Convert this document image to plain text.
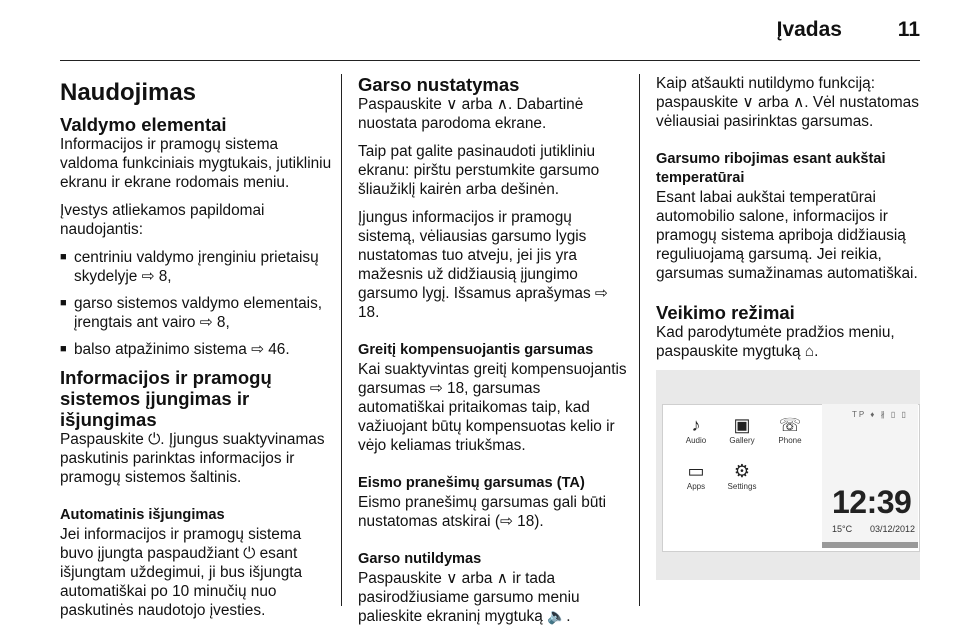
Įvadas	11
Naudojimas
Valdymo elementai

Informacijos ir pramogų sistema valdoma funkciniais mygtukais, jutikliniu ekranu ir ekrane rodomais meniu.

Įvestys atliekamos papildomai naudojantis:

■ centriniu valdymo įrenginiu prietaisų skydelyje ⇨ 8,
■ garso sistemos valdymo elementais, įrengtais ant vairo ⇨ 8,
■ balso atpažinimo sistema ⇨ 46.
Informacijos ir pramogų sistemos įjungimas ir išjungimas

Paspauskite ⏻. Įjungus suaktyvinamas paskutinis parinktas informacijos ir pramogų sistemos šaltinis.

Automatinis išjungimas

Jei informacijos ir pramogų sistema buvo įjungta paspaudžiant ⏻ esant išjungtam uždegimui, ji bus išjungta automatiškai po 10 minučių nuo paskutinės naudotojo įvesties.

Garso nustatymas

Paspauskite ∨ arba ∧. Dabartinė nuostata parodoma ekrane.

Taip pat galite pasinaudoti jutikliniu ekranu: pirštu perstumkite garsumo šliaužiklį kairėn arba dešinėn.

Įjungus informacijos ir pramogų sistemą, vėliausias garsumo lygis nustatomas tuo atveju, jei jis yra mažesnis už didžiausią įjungimo garsumo lygį. Išsamus aprašymas ⇨ 18.

Greitį kompensuojantis garsumas

Kai suaktyvintas greitį kompensuojantis garsumas ⇨ 18, garsumas automatiškai pritaikomas taip, kad važiuojant būtų kompensuotas kelio ir vėjo keliamas triukšmas.

Eismo pranešimų garsumas (TA)

Eismo pranešimų garsumas gali būti nustatomas atskirai (⇨ 18).

Garso nutildymas

Paspauskite ∨ arba ∧ ir tada pasirodžiusiame garsumo meniu palieskite ekraninį mygtuką 🔈.

Kaip atšaukti nutildymo funkciją: paspauskite ∨ arba ∧. Vėl nustatomas vėliausiai pasirinktas garsumas.

Garsumo ribojimas esant aukštai temperatūrai

Esant labai aukštai temperatūrai automobilio salone, informacijos ir pramogų sistema apriboja didžiausią reguliuojamą garsumą. Jei reikia, garsumas sumažinamas automatiškai.

Veikimo režimai

Kad parodytumėte pradžios meniu, paspauskite mygtuką ⌂.

TP ♦ ∦ ▯ ▯
♪
Audio
▣
Gallery
☏
Phone
▭
Apps
⚙
Settings 12:39
15°C 03/12/2012
